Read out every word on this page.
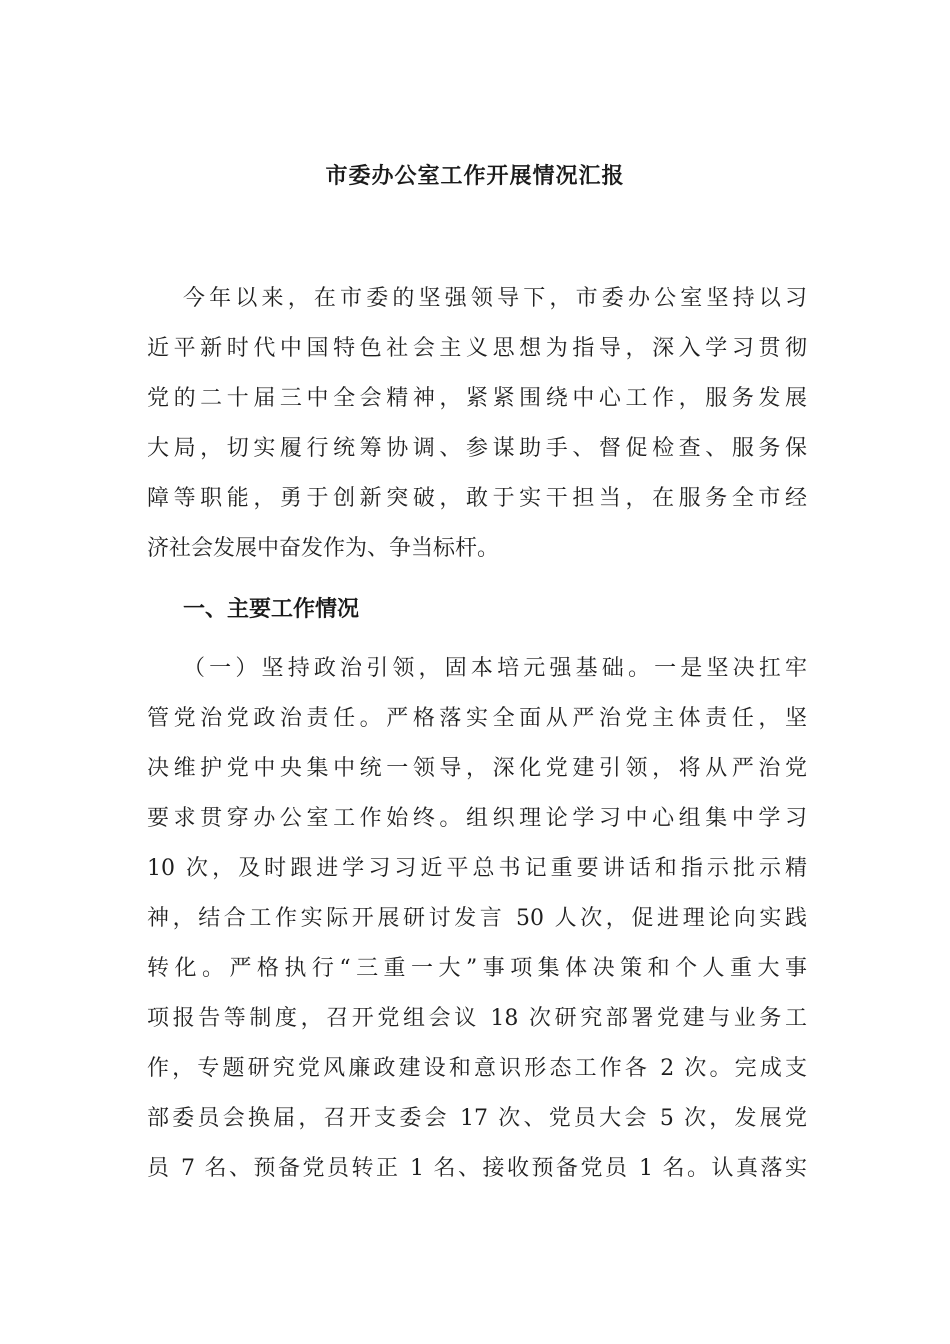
市委办公室工作开展情况汇报
今年以来，在市委的坚强领导下，市委办公室坚持以习
近平新时代中国特色社会主义思想为指导，深入学习贯彻
党的二十届三中全会精神，紧紧围绕中心工作，服务发展
大局，切实履行统筹协调、参谋助手、督促检查、服务保
障等职能，勇于创新突破，敢于实干担当，在服务全市经
济社会发展中奋发作为、争当标杆。
一、主要工作情况
（一）坚持政治引领，固本培元强基础。一是坚决扛牢
管党治党政治责任。严格落实全面从严治党主体责任，坚
决维护党中央集中统一领导，深化党建引领，将从严治党
要求贯穿办公室工作始终。组织理论学习中心组集中学习
10 次，及时跟进学习习近平总书记重要讲话和指示批示精
神，结合工作实际开展研讨发言 50 人次，促进理论向实践
转化。严格执行“三重一大”事项集体决策和个人重大事
项报告等制度，召开党组会议 18 次研究部署党建与业务工
作，专题研究党风廉政建设和意识形态工作各 2 次。完成支
部委员会换届，召开支委会 17 次、党员大会 5 次，发展党
员 7 名、预备党员转正 1 名、接收预备党员 1 名。认真落实
